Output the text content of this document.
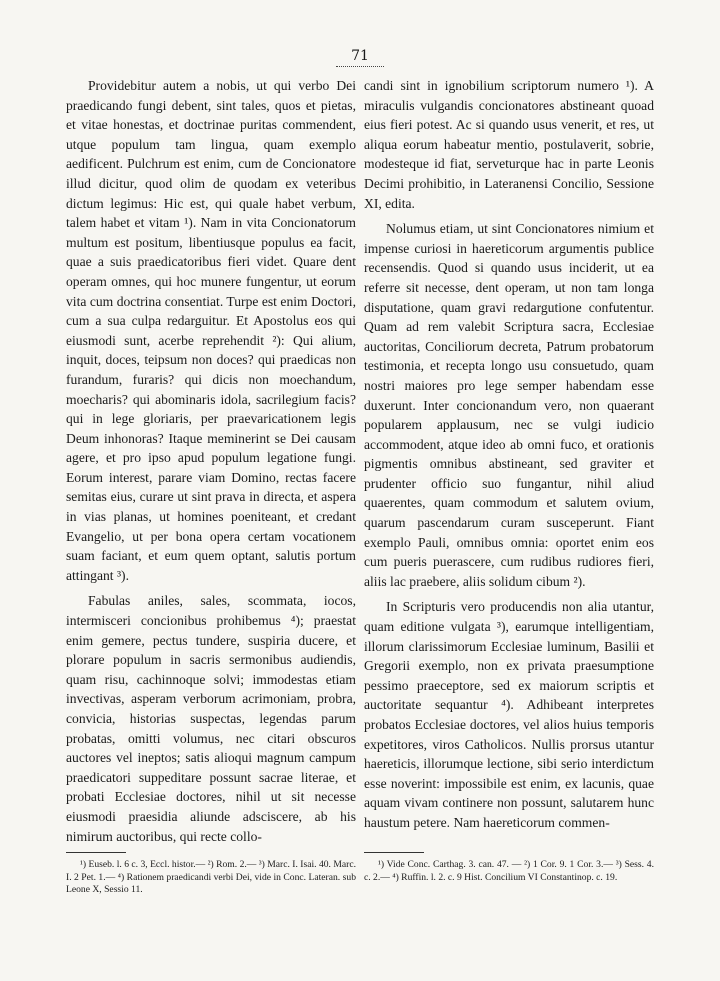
71

Providebitur autem a nobis, ut qui verbo Dei praedicando fungi debent, sint tales, quos et pietas, et vitae honestas, et doctrinae puritas commendent, utque populum tam lingua, quam exemplo aedificent. Pulchrum est enim, cum de Concionatore illud dicitur, quod olim de quodam ex veteribus dictum legimus: Hic est, qui quale habet verbum, talem habet et vitam ¹). Nam in vita Concionatorum multum est positum, libentiusque populus ea facit, quae a suis praedicatoribus fieri videt. Quare dent operam omnes, qui hoc munere fungentur, ut eorum vita cum doctrina consentiat. Turpe est enim Doctori, cum a sua culpa redarguitur. Et Apostolus eos qui eiusmodi sunt, acerbe reprehendit ²): Qui alium, inquit, doces, teipsum non doces? qui praedicas non furandum, furaris? qui dicis non moechandum, moecharis? qui abominaris idola, sacrilegium facis? qui in lege gloriaris, per praevaricationem legis Deum inhonoras? Itaque meminerint se Dei causam agere, et pro ipso apud populum legatione fungi. Eorum interest, parare viam Domino, rectas facere semitas eius, curare ut sint prava in directa, et aspera in vias planas, ut homines poeniteant, et credant Evangelio, ut per bona opera certam vocationem suam faciant, et eum quem optant, salutis portum attingant ³).

Fabulas aniles, sales, scommata, iocos, intermisceri concionibus prohibemus ⁴); praestat enim gemere, pectus tundere, suspiria ducere, et plorare populum in sacris sermonibus audiendis, quam risu, cachinnoque solvi; immodestas etiam invectivas, asperam verborum acrimoniam, probra, convicia, historias suspectas, legendas parum probatas, omitti volumus, nec citari obscuros auctores vel ineptos; satis alioqui magnum campum praedicatori suppeditare possunt sacrae literae, et probati Ecclesiae doctores, nihil ut sit necesse eiusmodi praesidia aliunde adsciscere, ab his nimirum auctoribus, qui recte collo-

candi sint in ignobilium scriptorum numero ¹). A miraculis vulgandis concionatores abstineant quoad eius fieri potest. Ac si quando usus venerit, et res, ut aliqua eorum habeatur mentio, postulaverit, sobrie, modesteque id fiat, serveturque hac in parte Leonis Decimi prohibitio, in Lateranensi Concilio, Sessione XI, edita.

Nolumus etiam, ut sint Concionatores nimium et impense curiosi in haereticorum argumentis publice recensendis. Quod si quando usus inciderit, ut ea referre sit necesse, dent operam, ut non tam longa disputatione, quam gravi redargutione confutentur. Quam ad rem valebit Scriptura sacra, Ecclesiae auctoritas, Conciliorum decreta, Patrum probatorum testimonia, et recepta longo usu consuetudo, quam nostri maiores pro lege semper habendam esse duxerunt. Inter concionandum vero, non quaerant popularem applausum, nec se vulgi iudicio accommodent, atque ideo ab omni fuco, et orationis pigmentis omnibus abstineant, sed graviter et prudenter officio suo fungantur, nihil aliud quaerentes, quam commodum et salutem ovium, quarum pascendarum curam susceperunt. Fiant exemplo Pauli, omnibus omnia: oportet enim eos cum pueris puerascere, cum rudibus rudiores fieri, aliis lac praebere, aliis solidum cibum ²).

In Scripturis vero producendis non alia utantur, quam editione vulgata ³), earumque intelligentiam, illorum clarissimorum Ecclesiae luminum, Basilii et Gregorii exemplo, non ex privata praesumptione pessimo praeceptore, sed ex maiorum scriptis et auctoritate sequantur ⁴). Adhibeant interpretes probatos Ecclesiae doctores, vel alios huius temporis expetitores, viros Catholicos. Nullis prorsus utantur haereticis, illorumque lectione, sibi serio interdictum esse noverint: impossibile est enim, ex lacunis, quae aquam vivam continere non possunt, salutarem hunc haustum petere. Nam haereticorum commen-

¹) Euseb. l. 6 c. 3, Eccl. histor.— ²) Rom. 2.— ³) Marc. I. Isai. 40. Marc. I. 2 Pet. 1.— ⁴) Rationem praedicandi verbi Dei, vide in Conc. Lateran. sub Leone X, Sessio 11.
¹) Vide Conc. Carthag. 3. can. 47. — ²) 1 Cor. 9. 1 Cor. 3.— ³) Sess. 4. c. 2.— ⁴) Ruffin. l. 2. c. 9 Hist. Concilium VI Constantinop. c. 19.
